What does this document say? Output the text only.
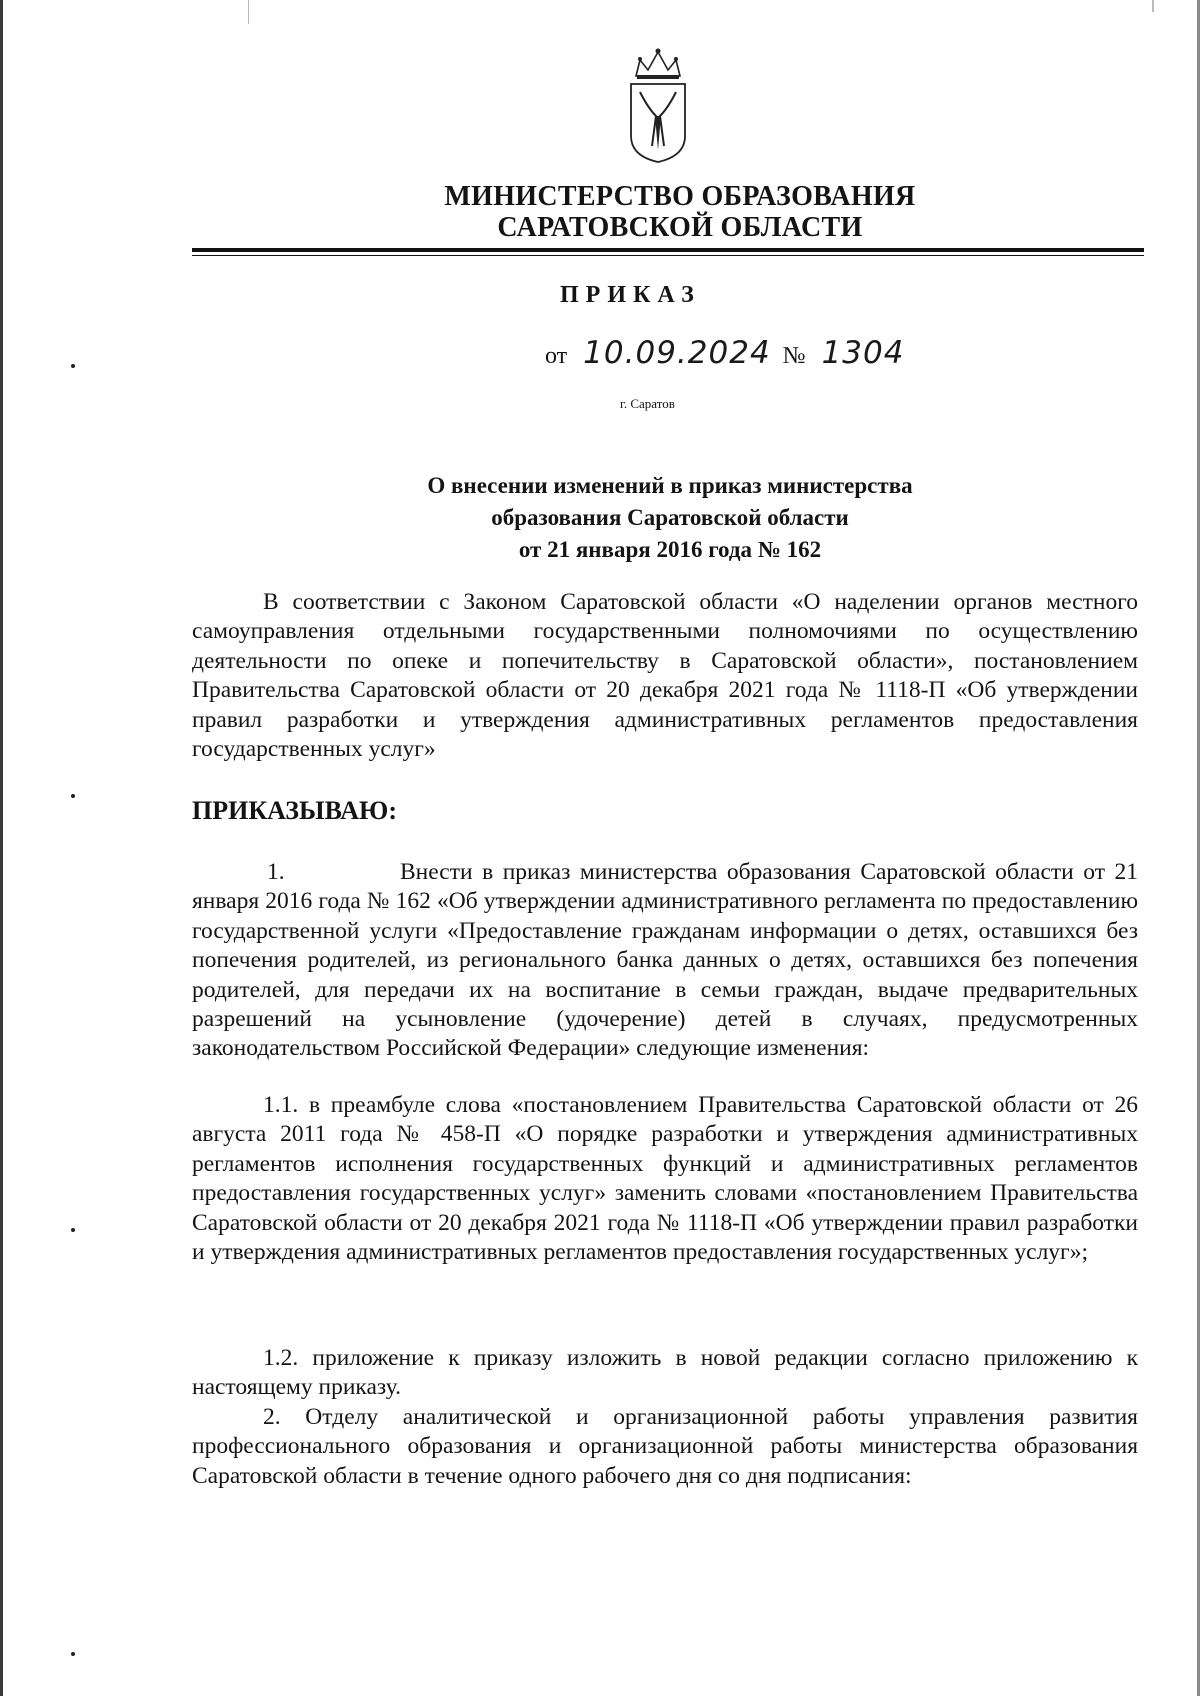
МИНИСТЕРСТВО ОБРАЗОВАНИЯ
САРАТОВСКОЙ ОБЛАСТИ
ПРИКАЗ
от 10.09.2024 № 1304
г. Саратов
О внесении изменений в приказ министерства
образования Саратовской области
от 21 января 2016 года № 162
В соответствии с Законом Саратовской области «О наделении органов местного самоуправления отдельными государственными полномочиями по осуществлению деятельности по опеке и попечительству в Саратовской области», постановлением Правительства Саратовской области от 20 декабря 2021 года № 1118-П «Об утверждении правил разработки и утверждения административных регламентов предоставления государственных услуг»
ПРИКАЗЫВАЮ:
1.	Внести в приказ министерства образования Саратовской области от 21 января 2016 года № 162 «Об утверждении административного регламента по предоставлению государственной услуги «Предоставление гражданам информации о детях, оставшихся без попечения родителей, из регионального банка данных о детях, оставшихся без попечения родителей, для передачи их на воспитание в семьи граждан, выдаче предварительных разрешений на усыновление (удочерение) детей в случаях, предусмотренных законодательством Российской Федерации» следующие изменения:
1.1. в преамбуле слова «постановлением Правительства Саратовской области от 26 августа 2011 года № 458-П «О порядке разработки и утверждения административных регламентов исполнения государственных функций и административных регламентов предоставления государственных услуг» заменить словами «постановлением Правительства Саратовской области от 20 декабря 2021 года № 1118-П «Об утверждении правил разработки и утверждения административных регламентов предоставления государственных услуг»;
1.2. приложение к приказу изложить в новой редакции согласно приложению к настоящему приказу.
2. Отделу аналитической и организационной работы управления развития профессионального образования и организационной работы министерства образования Саратовской области в течение одного рабочего дня со дня подписания:
